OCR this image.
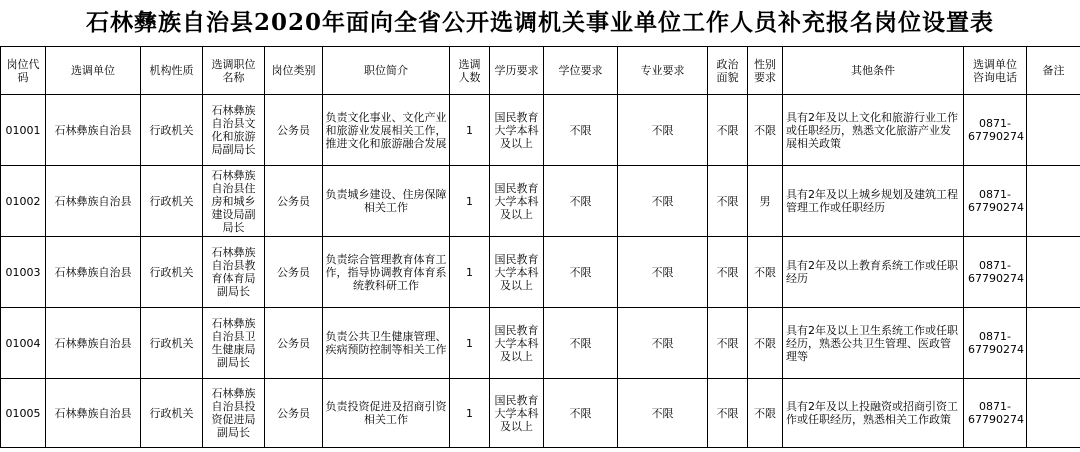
石林彝族自治县2020年面向全省公开选调机关事业单位工作人员补充报名岗位设置表
岗位代码	选调单位	机构性质	选调职位名称	岗位类别	职位简介	选调人数	学历要求	学位要求	专业要求	政治面貌	性别要求	其他条件	选调单位咨询电话	备注
01001	石林彝族自治县	行政机关	石林彝族自治县文化和旅游局副局长	公务员	负责文化事业、文化产业和旅游业发展相关工作，推进文化和旅游融合发展	1	国民教育大学本科及以上	不限	不限	不限	不限	具有2年及以上文化和旅游行业工作或任职经历，熟悉文化旅游产业发展相关政策	0871-67790274	
01002	石林彝族自治县	行政机关	石林彝族自治县住房和城乡建设局副局长	公务员	负责城乡建设、住房保障相关工作	1	国民教育大学本科及以上	不限	不限	不限	男	具有2年及以上城乡规划及建筑工程管理工作或任职经历	0871-67790274	
01003	石林彝族自治县	行政机关	石林彝族自治县教育体育局副局长	公务员	负责综合管理教育体育工作，指导协调教育体育系统教科研工作	1	国民教育大学本科及以上	不限	不限	不限	不限	具有2年及以上教育系统工作或任职经历	0871-67790274	
01004	石林彝族自治县	行政机关	石林彝族自治县卫生健康局副局长	公务员	负责公共卫生健康管理、疾病预防控制等相关工作	1	国民教育大学本科及以上	不限	不限	不限	不限	具有2年及以上卫生系统工作或任职经历，熟悉公共卫生管理、医政管理等	0871-67790274	
01005	石林彝族自治县	行政机关	石林彝族自治县投资促进局副局长	公务员	负责投资促进及招商引资相关工作	1	国民教育大学本科及以上	不限	不限	不限	不限	具有2年及以上投融资或招商引资工作或任职经历，熟悉相关工作政策	0871-67790274	
